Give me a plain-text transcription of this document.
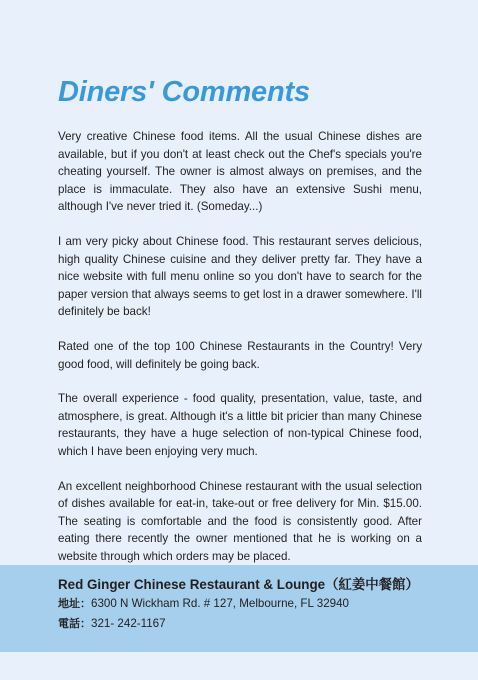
Diners' Comments

Very creative Chinese food items. All the usual Chinese dishes are available, but if you don't at least check out the Chef's specials you're cheating yourself. The owner is almost always on premises, and the place is immaculate. They also have an extensive Sushi menu, although I've never tried it. (Someday...)

I am very picky about Chinese food. This restaurant serves delicious, high quality Chinese cuisine and they deliver pretty far. They have a nice website with full menu online so you don't have to search for the paper version that always seems to get lost in a drawer somewhere. I'll definitely be back!

Rated one of the top 100 Chinese Restaurants in the Country! Very good food, will definitely be going back.

The overall experience - food quality, presentation, value, taste, and atmosphere, is great. Although it's a little bit pricier than many Chinese restaurants, they have a huge selection of non-typical Chinese food, which I have been enjoying very much.

An excellent neighborhood Chinese restaurant with the usual selection of dishes available for eat-in, take-out or free delivery for Min. $15.00. The seating is comfortable and the food is consistently good. After eating there recently the owner mentioned that he is working on a website through which orders may be placed.

Red Ginger Chinese Restaurant & Lounge（紅姜中餐館）
地址：6300 N Wickham Rd. # 127, Melbourne, FL 32940
電話：321- 242-1167
